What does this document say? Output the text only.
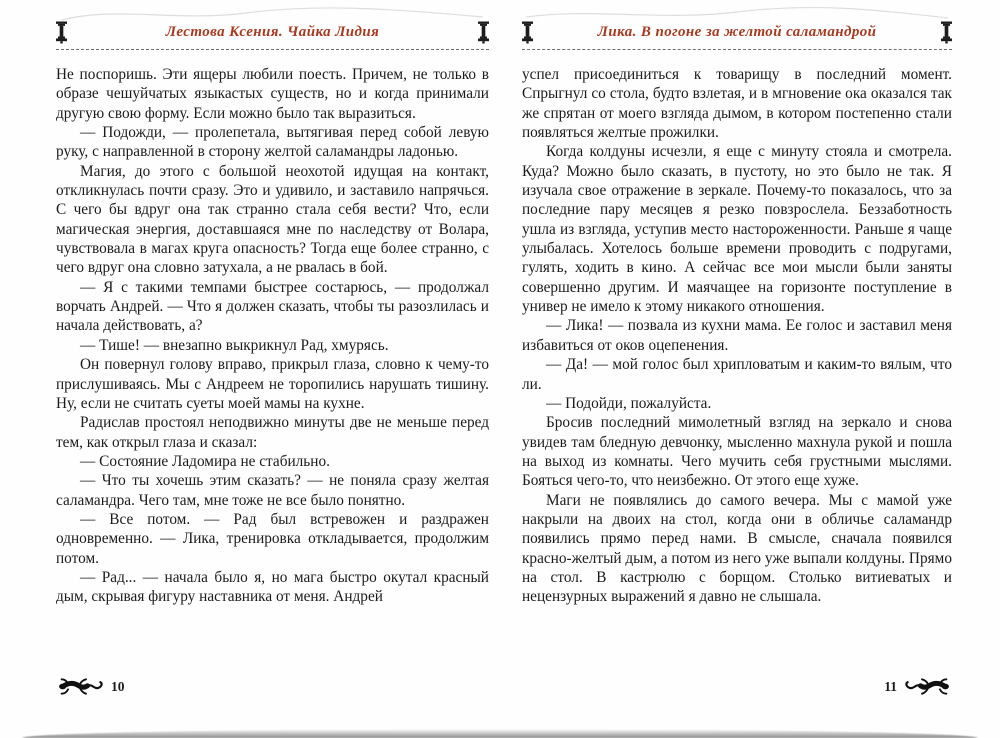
Лестова Ксения. Чайка Лидия

Не поспоришь. Эти ящеры любили поесть. Причем, не только в образе чешуйчатых языкастых существ, но и когда принимали другую свою форму. Если можно было так выразиться.

— Подожди, — пролепетала, вытягивая перед собой левую руку, с направленной в сторону желтой саламандры ладонью.

Магия, до этого с большой неохотой идущая на контакт, откликнулась почти сразу. Это и удивило, и заставило напрячься. С чего бы вдруг она так странно стала себя вести? Что, если магическая энергия, доставшаяся мне по наследству от Волара, чувствовала в магах круга опасность? Тогда еще более странно, с чего вдруг она словно затухала, а не рвалась в бой.

— Я с такими темпами быстрее состарюсь, — продолжал ворчать Андрей. — Что я должен сказать, чтобы ты разозлилась и начала действовать, а?

— Тише! — внезапно выкрикнул Рад, хмурясь.

Он повернул голову вправо, прикрыл глаза, словно к чему-то прислушиваясь. Мы с Андреем не торопились нарушать тишину. Ну, если не считать суеты моей мамы на кухне.

Радислав простоял неподвижно минуты две не меньше перед тем, как открыл глаза и сказал:

— Состояние Ладомира не стабильно.

— Что ты хочешь этим сказать? — не поняла сразу желтая саламандра. Чего там, мне тоже не все было понятно.

— Все потом. — Рад был встревожен и раздражен одновременно. — Лика, тренировка откладывается, продолжим потом.

— Рад... — начала было я, но мага быстро окутал красный дым, скрывая фигуру наставника от меня. Андрей

10
Лика. В погоне за желтой саламандрой

успел присоединиться к товарищу в последний момент. Спрыгнул со стола, будто взлетая, и в мгновение ока оказался так же спрятан от моего взгляда дымом, в котором постепенно стали появляться желтые прожилки.

Когда колдуны исчезли, я еще с минуту стояла и смотрела. Куда? Можно было сказать, в пустоту, но это было не так. Я изучала свое отражение в зеркале. Почему-то показалось, что за последние пару месяцев я резко повзрослела. Беззаботность ушла из взгляда, уступив место настороженности. Раньше я чаще улыбалась. Хотелось больше времени проводить с подругами, гулять, ходить в кино. А сейчас все мои мысли были заняты совершенно другим. И маячащее на горизонте поступление в универ не имело к этому никакого отношения.

— Лика! — позвала из кухни мама. Ее голос и заставил меня избавиться от оков оцепенения.

— Да! — мой голос был хрипловатым и каким-то вялым, что ли.

— Подойди, пожалуйста.

Бросив последний мимолетный взгляд на зеркало и снова увидев там бледную девчонку, мысленно махнула рукой и пошла на выход из комнаты. Чего мучить себя грустными мыслями. Бояться чего-то, что неизбежно. От этого еще хуже.

Маги не появлялись до самого вечера. Мы с мамой уже накрыли на двоих на стол, когда они в обличье саламандр появились прямо перед нами. В смысле, сначала появился красно-желтый дым, а потом из него уже выпали колдуны. Прямо на стол. В кастрюлю с борщом. Столько витиеватых и нецензурных выражений я давно не слышала.

11
